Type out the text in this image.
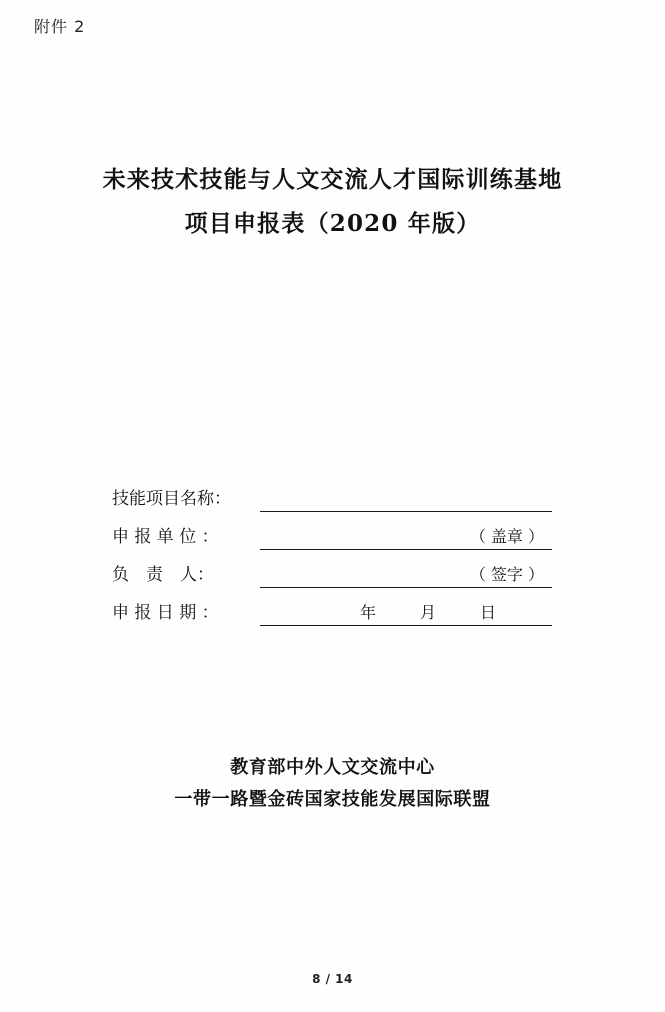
附件 2
未来技术技能与人文交流人才国际训练基地
项目申报表（2020 年版）
技能项目名称：
申 报 单 位 ：	（ 盖章 ）
负　责　人：	（ 签字 ）
申 报 日 期 ：	年	月	日
教育部中外人文交流中心
一带一路暨金砖国家技能发展国际联盟
8 / 14
